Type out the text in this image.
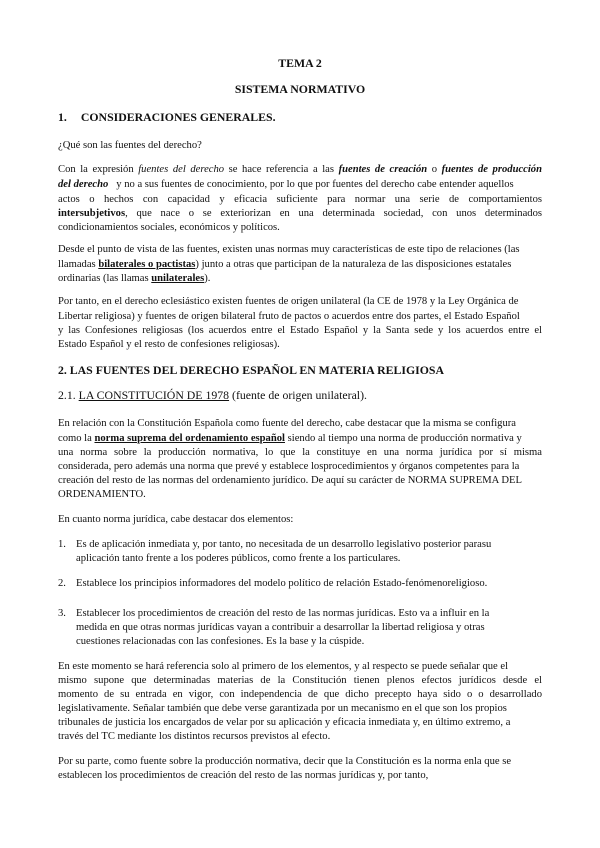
TEMA 2

SISTEMA NORMATIVO

1. CONSIDERACIONES GENERALES.

¿Qué son las fuentes del derecho?

Con la expresión fuentes del derecho se hace referencia a las fuentes de creación o fuentes de producción

del derecho   y no a sus fuentes de conocimiento, por lo que por fuentes del derecho cabe entender aquellos

actos o hechos con capacidad y eficacia suficiente para normar una serie de comportamientos

intersubjetivos, que nace o se exteriorizan en una determinada sociedad, con unos determinados

condicionamientos sociales, económicos y políticos.

Desde el punto de vista de las fuentes, existen unas normas muy características de este tipo de relaciones (las

llamadas bilaterales o pactistas) junto a otras que participan de la naturaleza de las disposiciones estatales

ordinarias (las llamas unilaterales).

Por tanto, en el derecho eclesiástico existen fuentes de origen unilateral (la CE de 1978 y la Ley Orgánica de

Libertar religiosa) y fuentes de origen bilateral fruto de pactos o acuerdos entre dos partes, el Estado Español

y las Confesiones religiosas (los acuerdos entre el Estado Español y la Santa sede y los acuerdos entre el

Estado Español y el resto de confesiones religiosas).

2. LAS FUENTES DEL DERECHO ESPAÑOL EN MATERIA RELIGIOSA

2.1. LA CONSTITUCIÓN DE 1978 (fuente de origen unilateral).

En relación con la Constitución Española como fuente del derecho, cabe destacar que la misma se configura

como la norma suprema del ordenamiento español siendo al tiempo una norma de producción normativa y

una norma sobre la producción normativa, lo que la constituye en una norma jurídica por sí misma

considerada, pero además una norma que prevé y establece losprocedimientos y órganos competentes para la

creación del resto de las normas del ordenamiento jurídico. De aquí su carácter de NORMA SUPREMA DEL

ORDENAMIENTO.

En cuanto norma jurídica, cabe destacar dos elementos:

1. Es de aplicación inmediata y, por tanto, no necesitada de un desarrollo legislativo posterior parasu

aplicación tanto frente a los poderes públicos, como frente a los particulares.

2. Establece los principios informadores del modelo político de relación Estado-fenómenoreligioso.

3. Establecer los procedimientos de creación del resto de las normas jurídicas. Esto va a influir en la

medida en que otras normas jurídicas vayan a contribuir a desarrollar la libertad religiosa y otras

cuestiones relacionadas con las confesiones. Es la base y la cúspide.

En este momento se hará referencia solo al primero de los elementos, y al respecto se puede señalar que el

mismo supone que determinadas materias de la Constitución tienen plenos efectos jurídicos desde el

momento de su entrada en vigor, con independencia de que dicho precepto haya sido o o desarrollado

legislativamente. Señalar también que debe verse garantizada por un mecanismo en el que son los propios

tribunales de justicia los encargados de velar por su aplicación y eficacia inmediata y, en último extremo, a

través del TC mediante los distintos recursos previstos al efecto.

Por su parte, como fuente sobre la producción normativa, decir que la Constitución es la norma enla que se

establecen los procedimientos de creación del resto de las normas jurídicas y, por tanto,
